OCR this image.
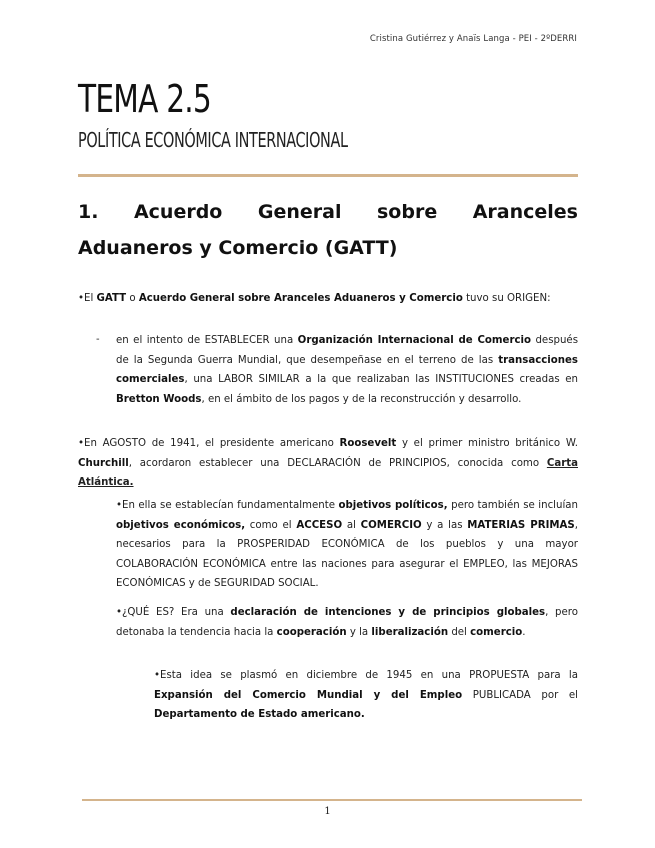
Cristina Gutiérrez y Anaïs Langa - PEI - 2ºDERRI
TEMA 2.5
POLÍTICA ECONÓMICA INTERNACIONAL
1. Acuerdo General sobre Aranceles Aduaneros y Comercio (GATT)
•El GATT o Acuerdo General sobre Aranceles Aduaneros y Comercio tuvo su ORIGEN:
- en el intento de ESTABLECER una Organización Internacional de Comercio después de la Segunda Guerra Mundial, que desempeñase en el terreno de las transacciones comerciales, una LABOR SIMILAR a la que realizaban las INSTITUCIONES creadas en Bretton Woods, en el ámbito de los pagos y de la reconstrucción y desarrollo.
•En AGOSTO de 1941, el presidente americano Roosevelt y el primer ministro británico W. Churchill, acordaron establecer una DECLARACIÓN de PRINCIPIOS, conocida como Carta Atlántica.
•En ella se establecían fundamentalmente objetivos políticos, pero también se incluían objetivos económicos, como el ACCESO al COMERCIO y a las MATERIAS PRIMAS, necesarios para la PROSPERIDAD ECONÓMICA de los pueblos y una mayor COLABORACIÓN ECONÓMICA entre las naciones para asegurar el EMPLEO, las MEJORAS ECONÓMICAS y de SEGURIDAD SOCIAL.
•¿QUÉ ES? Era una declaración de intenciones y de principios globales, pero detonaba la tendencia hacia la cooperación y la liberalización del comercio.
•Esta idea se plasmó en diciembre de 1945 en una PROPUESTA para la Expansión del Comercio Mundial y del Empleo PUBLICADA por el Departamento de Estado americano.
1
